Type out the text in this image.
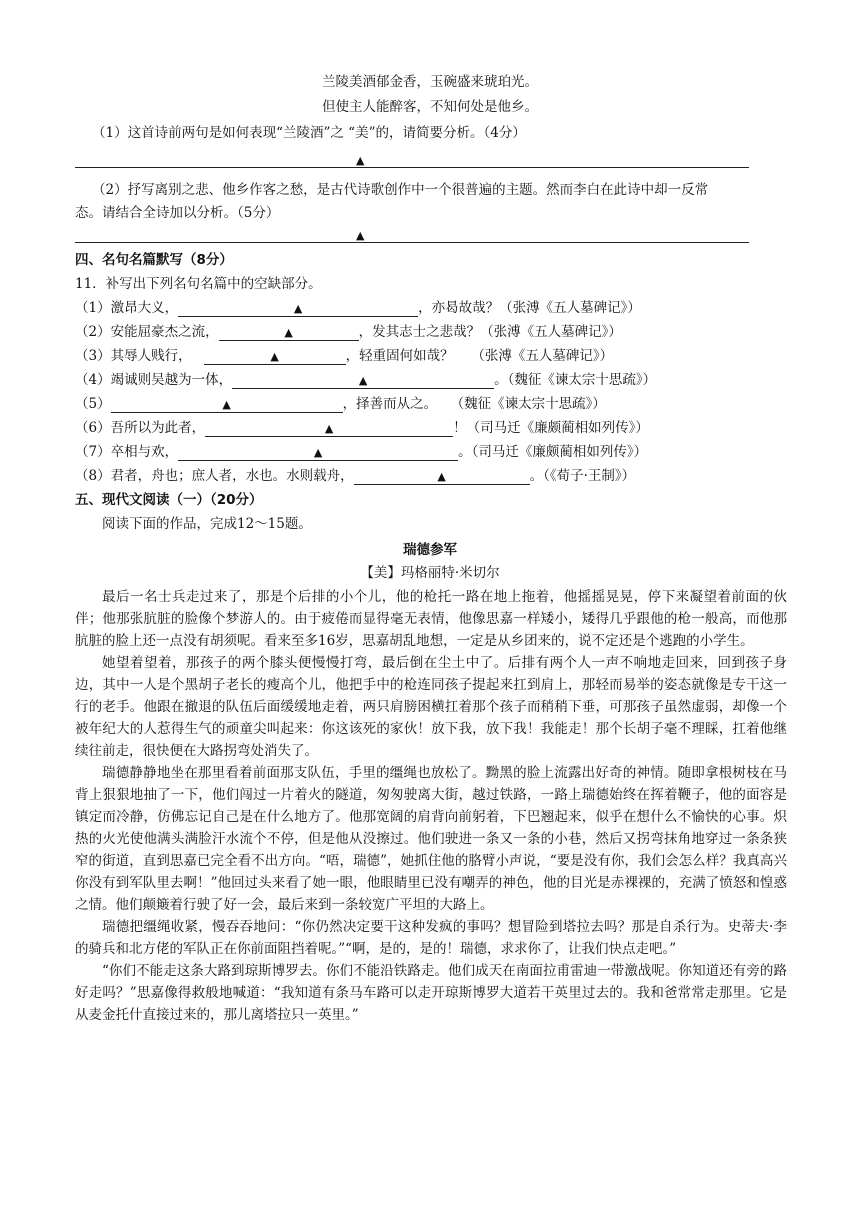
兰陵美酒郁金香，玉碗盛来琥珀光。
但使主人能醉客，不知何处是他乡。
（1）这首诗前两句是如何表现“兰陵酒”之 “美”的，请简要分析。（4分）
▲
（2）抒写离别之悲、他乡作客之愁，是古代诗歌创作中一个很普遍的主题。然而李白在此诗中却一反常
态。请结合全诗加以分析。（5分）
▲
四、名句名篇默写（8分）
11．补写出下列名句名篇中的空缺部分。
（1）激昂大义，	▲	，亦曷故哉？（张溥《五人墓碑记》）
（2）安能屈豪杰之流，	▲	，发其志士之悲哉？（张溥《五人墓碑记》）
（3）其辱人贱行，	▲	，轻重固何如哉？　 （张溥《五人墓碑记》）
（4）竭诚则吴越为一体，	▲	。（魏征《谏太宗十思疏》）
（5）	▲	，择善而从之。　　（魏征《谏太宗十思疏》）
（6）吾所以为此者，	▲	！（司马迁《廉颇蔺相如列传》）
（7）卒相与欢，	▲	。（司马迁《廉颇蔺相如列传》）
（8）君者，舟也；庶人者，水也。水则载舟，	▲	。（《荀子·王制》）
五、现代文阅读（一）（20分）
阅读下面的作品，完成12～15题。
瑞德参军
【美】玛格丽特·米切尔

最后一名士兵走过来了，那是个后排的小个儿，他的枪托一路在地上拖着，他摇摇晃晃，停下来凝望着前面的伙伴；他那张肮脏的脸像个梦游人的。由于疲倦而显得毫无表情，他像思嘉一样矮小，矮得几乎跟他的枪一般高，而他那肮脏的脸上还一点没有胡须呢。看来至多16岁，思嘉胡乱地想，一定是从乡团来的，说不定还是个逃跑的小学生。

她望着望着，那孩子的两个膝头便慢慢打弯，最后倒在尘土中了。后排有两个人一声不响地走回来，回到孩子身边，其中一人是个黑胡子老长的瘦高个儿，他把手中的枪连同孩子提起来扛到肩上，那轻而易举的姿态就像是专干这一行的老手。他跟在撤退的队伍后面缓缓地走着，两只肩膀困横扛着那个孩子而稍稍下垂，可那孩子虽然虚弱，却像一个被年纪大的人惹得生气的顽童尖叫起来：你这该死的家伙！放下我，放下我！我能走！那个长胡子毫不理睬，扛着他继续往前走，很快便在大路拐弯处消失了。

瑞德静静地坐在那里看着前面那支队伍，手里的缰绳也放松了。黝黑的脸上流露出好奇的神情。随即拿根树枝在马背上狠狠地抽了一下，他们闯过一片着火的隧道，匆匆驶离大街，越过铁路，一路上瑞德始终在挥着鞭子，他的面容是镇定而冷静，仿佛忘记自己是在什么地方了。他那宽阔的肩背向前躬着，下巴翘起来，似乎在想什么不愉快的心事。炽热的火光使他满头满脸汗水流个不停，但是他从没擦过。他们驶进一条又一条的小巷，然后又拐弯抹角地穿过一条条狭窄的街道，直到思嘉已完全看不出方向。“唔，瑞德”，她抓住他的胳臂小声说，“要是没有你，我们会怎么样？我真高兴你没有到军队里去啊！”他回过头来看了她一眼，他眼睛里已没有嘲弄的神色，他的目光是赤裸裸的，充满了愤怒和惶惑之情。他们颠簸着行驶了好一会，最后来到一条较宽广平坦的大路上。

瑞德把缰绳收紧，慢吞吞地问：“你仍然决定要干这种发疯的事吗？想冒险到塔拉去吗？那是自杀行为。史蒂夫·李的骑兵和北方佬的军队正在你前面阻挡着呢。”“啊，是的，是的！瑞德，求求你了，让我们快点走吧。”

“你们不能走这条大路到琼斯博罗去。你们不能沿铁路走。他们成天在南面拉甫雷迪一带激战呢。你知道还有旁的路好走吗？”思嘉像得救般地喊道：“我知道有条马车路可以走开琼斯博罗大道若干英里过去的。我和爸常常走那里。它是从麦金托什直接过来的，那儿离塔拉只一英里。”
